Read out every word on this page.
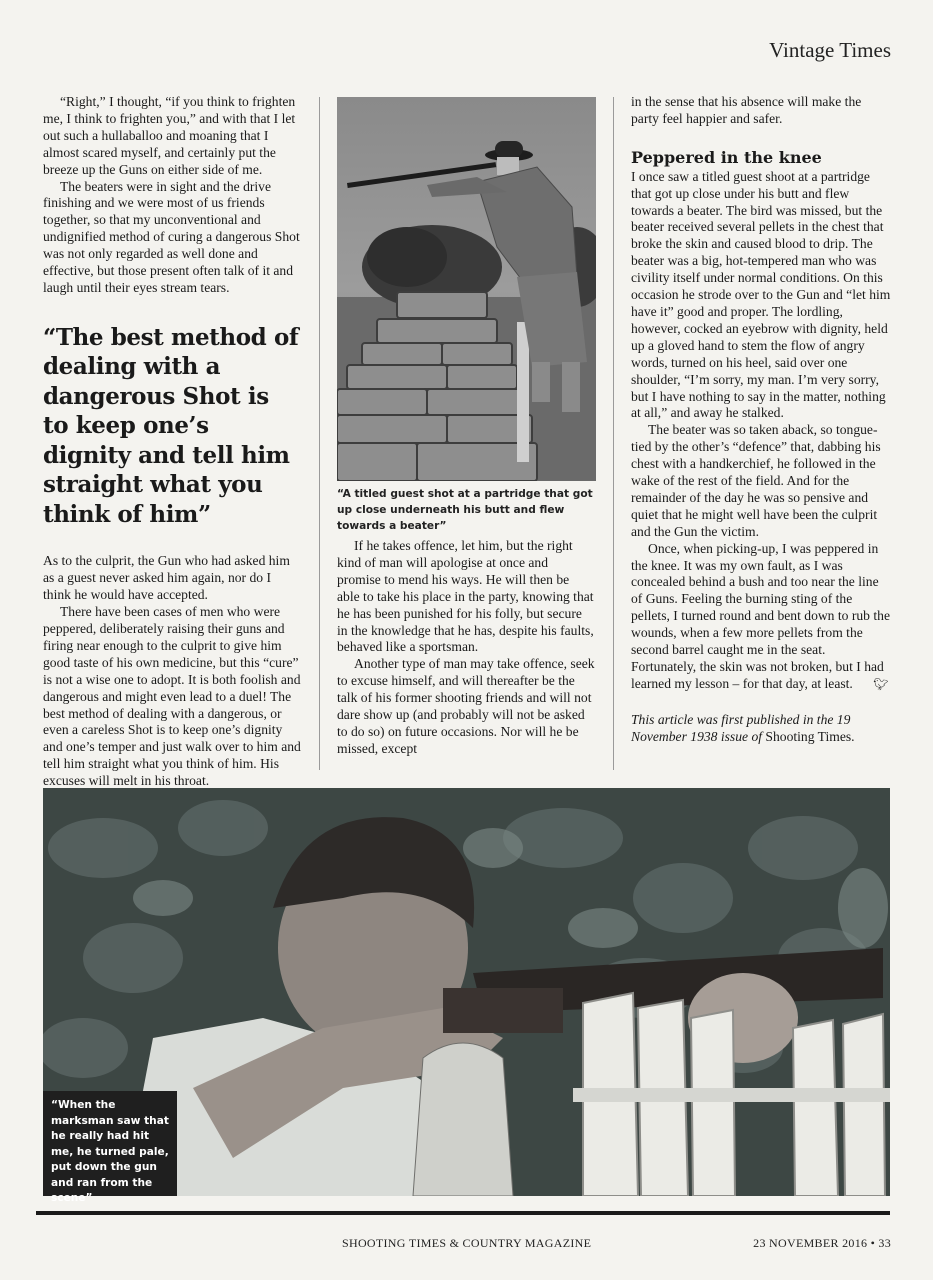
Vintage Times

“Right,” I thought, “if you think to frighten me, I think to frighten you,” and with that I let out such a hullaballoo and moaning that I almost scared myself, and certainly put the breeze up the Guns on either side of me.

The beaters were in sight and the drive finishing and we were most of us friends together, so that my unconventional and undignified method of curing a dangerous Shot was not only regarded as well done and effective, but those present often talk of it and laugh until their eyes stream tears.

“The best method of dealing with a dangerous Shot is to keep one’s dignity and tell him straight what you think of him”

As to the culprit, the Gun who had asked him as a guest never asked him again, nor do I think he would have accepted.

There have been cases of men who were peppered, deliberately raising their guns and firing near enough to the culprit to give him good taste of his own medicine, but this “cure” is not a wise one to adopt. It is both foolish and dangerous and might even lead to a duel! The best method of dealing with a dangerous, or even a careless Shot is to keep one’s dignity and one’s temper and just walk over to him and tell him straight what you think of him. His excuses will melt in his throat.

“A titled guest shot at a partridge that got up close underneath his butt and flew towards a beater”

If he takes offence, let him, but the right kind of man will apologise at once and promise to mend his ways. He will then be able to take his place in the party, knowing that he has been punished for his folly, but secure in the knowledge that he has, despite his faults, behaved like a sportsman.

Another type of man may take offence, seek to excuse himself, and will thereafter be the talk of his former shooting friends and will not dare show up (and probably will not be asked to do so) on future occasions. Nor will he be missed, except

in the sense that his absence will make the party feel happier and safer.

Peppered in the knee

I once saw a titled guest shoot at a partridge that got up close under his butt and flew towards a beater. The bird was missed, but the beater received several pellets in the chest that broke the skin and caused blood to drip. The beater was a big, hot-tempered man who was civility itself under normal conditions. On this occasion he strode over to the Gun and “let him have it” good and proper. The lordling, however, cocked an eyebrow with dignity, held up a gloved hand to stem the flow of angry words, turned on his heel, said over one shoulder, “I’m sorry, my man. I’m very sorry, but I have nothing to say in the matter, nothing at all,” and away he stalked.

The beater was so taken aback, so tongue-tied by the other’s “defence” that, dabbing his chest with a handkerchief, he followed in the wake of the rest of the field. And for the remainder of the day he was so pensive and quiet that he might well have been the culprit and the Gun the victim.

Once, when picking-up, I was peppered in the knee. It was my own fault, as I was concealed behind a bush and too near the line of Guns. Feeling the burning sting of the pellets, I turned round and bent down to rub the wounds, when a few more pellets from the second barrel caught me in the seat. Fortunately, the skin was not broken, but I had learned my lesson – for that day, at least. 🐦︎

This article was first published in the 19 November 1938 issue of Shooting Times.

“When the marksman saw that he really had hit me, he turned pale, put down the gun and ran from the scene”
SHOOTING TIMES & COUNTRY MAGAZINE	23 NOVEMBER 2016 • 33
